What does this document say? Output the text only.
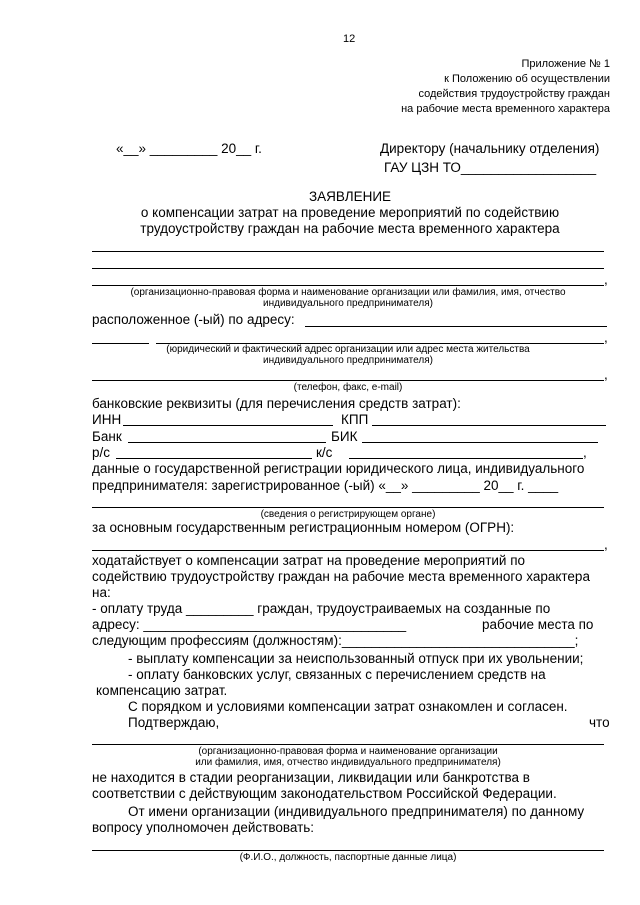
12
Приложение № 1
к Положению об осуществлении
содействия трудоустройству граждан
на рабочие места временного характера
«__» _________ 20__ г.	Директору (начальнику отделения)
ГАУ ЦЗН ТО__________________
ЗАЯВЛЕНИЕ
о компенсации затрат на проведение мероприятий по содействию
трудоустройству граждан на рабочие места временного характера
,
(организационно-правовая форма и наименование организации или фамилия, имя, отчество
индивидуального предпринимателя)
расположенное (-ый) по адресу:
,
(юридический и фактический адрес организации или адрес места жительства
индивидуального предпринимателя)
,
(телефон, факс, e-mail)
банковские реквизиты (для перечисления средств затрат):
ИНН	КПП
Банк	БИК
р/с	к/с	,
данные о государственной регистрации юридического лица, индивидуального
предпринимателя: зарегистрированное (-ый) «__» _________ 20__ г. ____
(сведения о регистрирующем органе)
за основным государственным регистрационным номером (ОГРН):
,
ходатайствует о компенсации затрат на проведение мероприятий по
содействию трудоустройству граждан на рабочие места временного характера
на:
- оплату труда _________ граждан, трудоустраиваемых на созданные по
адресу: ___________________________________	рабочие места по
следующим профессиям (должностям):_______________________________;
- выплату компенсации за неиспользованный отпуск при их увольнении;
- оплату банковских услуг, связанных с перечислением средств на
компенсацию затрат.
С порядком и условиями компенсации затрат ознакомлен и согласен.
Подтверждаю,	что
(организационно-правовая форма и наименование организации
или фамилия, имя, отчество индивидуального предпринимателя)
не находится в стадии реорганизации, ликвидации или банкротства в
соответствии с действующим законодательством Российской Федерации.
От имени организации (индивидуального предпринимателя) по данному
вопросу уполномочен действовать:
(Ф.И.О., должность, паспортные данные лица)
